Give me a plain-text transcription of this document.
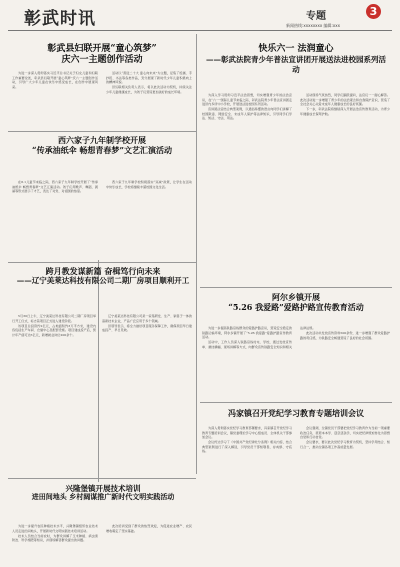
彰武时讯	专题	3
新闻热线:xxxxxxxx 编辑:xxx
彰武县妇联开展“童心筑梦”
庆六一主题创作活动

为进一步深入贯彻落实习近平总书记关于妇女儿童和妇联工作重要论述，彰武县妇联开展“童心筑梦”庆六一主题创作活动，引导广大少年儿童在快乐中感受成长，在创作中展现风采。

活动以“喜迎二十大 童心向未来”为主题，征集了绘画、手抄报、书法等各类作品，充分展现了新时代少年儿童积极向上的精神风貌。

县妇联相关负责人表示，将以此次活动为契机，持续关注少年儿童健康成长，为孩子们营造更加美好的成长环境。

西六家子九年制学校开展
“传承油纸伞 畅想青春梦”文艺汇演活动

在6.1儿童节来临之际，西六家子九年制学校开展了“传承油纸伞 畅想青春梦”文艺汇演活动。孩子们用歌声、舞蹈、朗诵等形式展示了才艺，表达了对党、对祖国的热爱。

西六家子九年制学校积极落实“双减”政策，让学生在活动中快乐成长，学校将继续丰富校园文化生活。

跨月教发谋新篇 奋楫笃行向未来
——辽宁美莱达科技有限公司二期厂房项目顺利开工

5月30日上午，辽宁美莱达科技有限公司二期厂房项目举行开工仪式，标志着项目正式进入建设阶段。

该项目总投资约2亿元，占地面积约3万平方米，建设内容包括生产车间、仓储中心及配套设施。项目建成投产后，预计年产值可达5亿元，新增就业岗位200余个。

辽宁美莱达科技有限公司是一家集研发、生产、销售于一体的高新技术企业，产品广泛应用于多个领域。

县领导表示，将全力做好项目服务保障工作，确保项目早日建成投产、早日见效。

兴隆堡镇开展技术培训
进田间地头 乡村阔谋推广新时代文明实践活动

为进一步提升农民种植技术水平，兴隆堡镇组织农业技术人员走进田间地头，开展新时代文明实践技术培训活动。

技术人员结合当前农时，为群众讲解了玉米种植、病虫害防治、科学施肥等知识，并现场解答群众提出的问题。

此次培训受到了群众的热烈欢迎，为促进农业增产、农民增收奠定了坚实基础。

快乐六一 法润童心
——彰武法院青少年普法宣讲团开展送法进校园系列活动

为深入学习贯彻习近平法治思想，切实增强青少年的法治意识，在“六一”国际儿童节来临之际，彰武法院青少年普法宣讲团走进县内多所中小学校，开展送法进校园系列活动。

宣讲团法官结合典型案例，以通俗易懂的语言向同学们讲解了校园欺凌、网络安全、未成年人保护等法律知识，引导同学们学法、知法、守法、用法。

活动现场气氛热烈，同学们踊跃提问，法官们一一耐心解答。此次活动进一步增强了青少年的法治观念和自我保护意识，营造了全社会关心关爱未成年人健康成长的良好氛围。

下一步，彰武法院将继续深入开展法治宣传教育活动，为青少年健康成长保驾护航。

阿尔乡镇开展
“5.26 我爱路”爱路护路宣传教育活动

为进一步提高铁路沿线群众的爱路护路意识，营造安全稳定的铁路运输环境，阿尔乡镇开展了“5.26 我爱路”爱路护路宣传教育活动。

活动中，工作人员深入铁路沿线村屯、学校，通过发放宣传单、悬挂横幅、现场讲解等方式，向群众宣传铁路安全知识和相关法律法规。

此次活动共发放宣传资料500余份，进一步增强了群众爱路护路的责任感，为铁路安全畅通营造了良好的社会氛围。

冯家镇召开党纪学习教育专题培训会议

为深入贯彻落实党纪学习教育部署要求，冯家镇召开党纪学习教育专题培训会议，镇党委理论学习中心组成员、全体机关干部参加会议。

会议传达学习了《中国共产党纪律处分条例》相关内容，结合典型案例进行了深入解读，引导党员干部知敬畏、存戒惧、守底线。

会议强调，全镇党员干部要把党纪学习教育作为当前一项重要政治任务，原原本本学、逐章逐条学，切实把纪律规矩转化为思想自觉和行动自觉。

会议要求，要以此次党纪学习教育为契机，坚持学用结合、知行合一，推动全镇各项工作高质量发展。
